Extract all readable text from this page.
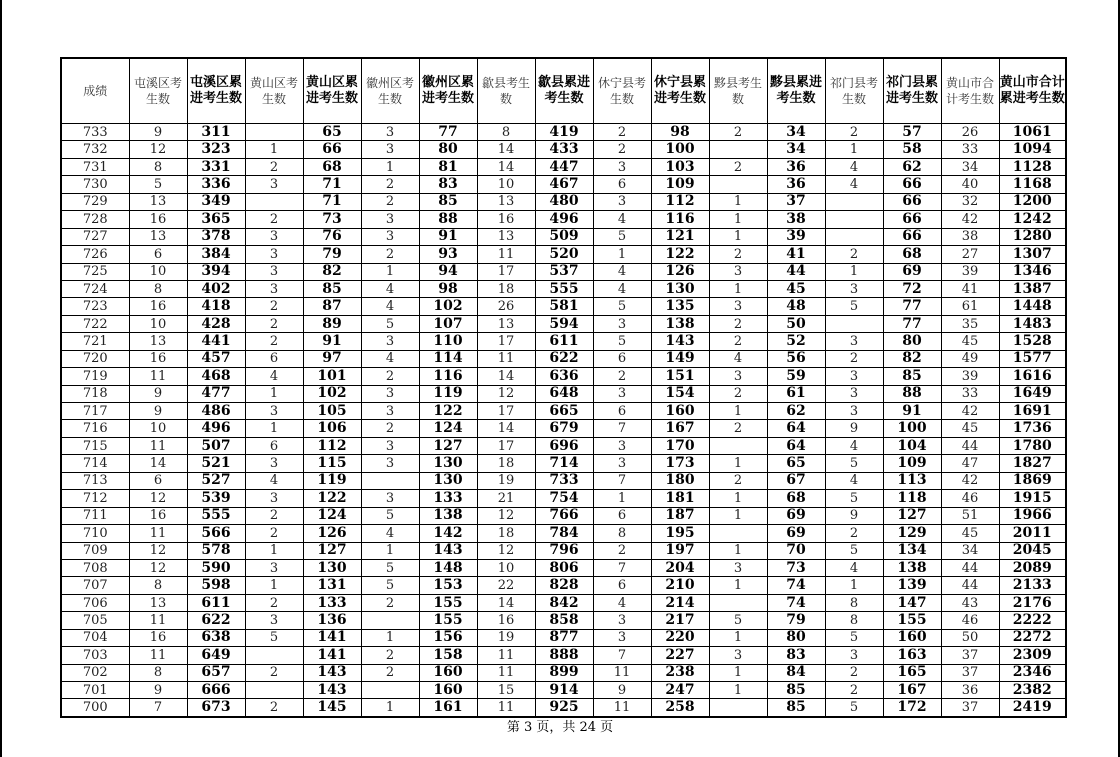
成绩	屯溪区考生数	屯溪区累进考生数	黄山区考生数	黄山区累进考生数	徽州区考生数	徽州区累进考生数	歙县考生数	歙县累进考生数	休宁县考生数	休宁县累进考生数	黟县考生数	黟县累进考生数	祁门县考生数	祁门县累进考生数	黄山市合计考生数	黄山市合计累进考生数
733	9	311		65	3	77	8	419	2	98	2	34	2	57	26	1061
732	12	323	1	66	3	80	14	433	2	100		34	1	58	33	1094
731	8	331	2	68	1	81	14	447	3	103	2	36	4	62	34	1128
730	5	336	3	71	2	83	10	467	6	109		36	4	66	40	1168
729	13	349		71	2	85	13	480	3	112	1	37		66	32	1200
728	16	365	2	73	3	88	16	496	4	116	1	38		66	42	1242
727	13	378	3	76	3	91	13	509	5	121	1	39		66	38	1280
726	6	384	3	79	2	93	11	520	1	122	2	41	2	68	27	1307
725	10	394	3	82	1	94	17	537	4	126	3	44	1	69	39	1346
724	8	402	3	85	4	98	18	555	4	130	1	45	3	72	41	1387
723	16	418	2	87	4	102	26	581	5	135	3	48	5	77	61	1448
722	10	428	2	89	5	107	13	594	3	138	2	50		77	35	1483
721	13	441	2	91	3	110	17	611	5	143	2	52	3	80	45	1528
720	16	457	6	97	4	114	11	622	6	149	4	56	2	82	49	1577
719	11	468	4	101	2	116	14	636	2	151	3	59	3	85	39	1616
718	9	477	1	102	3	119	12	648	3	154	2	61	3	88	33	1649
717	9	486	3	105	3	122	17	665	6	160	1	62	3	91	42	1691
716	10	496	1	106	2	124	14	679	7	167	2	64	9	100	45	1736
715	11	507	6	112	3	127	17	696	3	170		64	4	104	44	1780
714	14	521	3	115	3	130	18	714	3	173	1	65	5	109	47	1827
713	6	527	4	119		130	19	733	7	180	2	67	4	113	42	1869
712	12	539	3	122	3	133	21	754	1	181	1	68	5	118	46	1915
711	16	555	2	124	5	138	12	766	6	187	1	69	9	127	51	1966
710	11	566	2	126	4	142	18	784	8	195		69	2	129	45	2011
709	12	578	1	127	1	143	12	796	2	197	1	70	5	134	34	2045
708	12	590	3	130	5	148	10	806	7	204	3	73	4	138	44	2089
707	8	598	1	131	5	153	22	828	6	210	1	74	1	139	44	2133
706	13	611	2	133	2	155	14	842	4	214		74	8	147	43	2176
705	11	622	3	136		155	16	858	3	217	5	79	8	155	46	2222
704	16	638	5	141	1	156	19	877	3	220	1	80	5	160	50	2272
703	11	649		141	2	158	11	888	7	227	3	83	3	163	37	2309
702	8	657	2	143	2	160	11	899	11	238	1	84	2	165	37	2346
701	9	666		143		160	15	914	9	247	1	85	2	167	36	2382
700	7	673	2	145	1	161	11	925	11	258		85	5	172	37	2419
第 3 页，共 24 页
